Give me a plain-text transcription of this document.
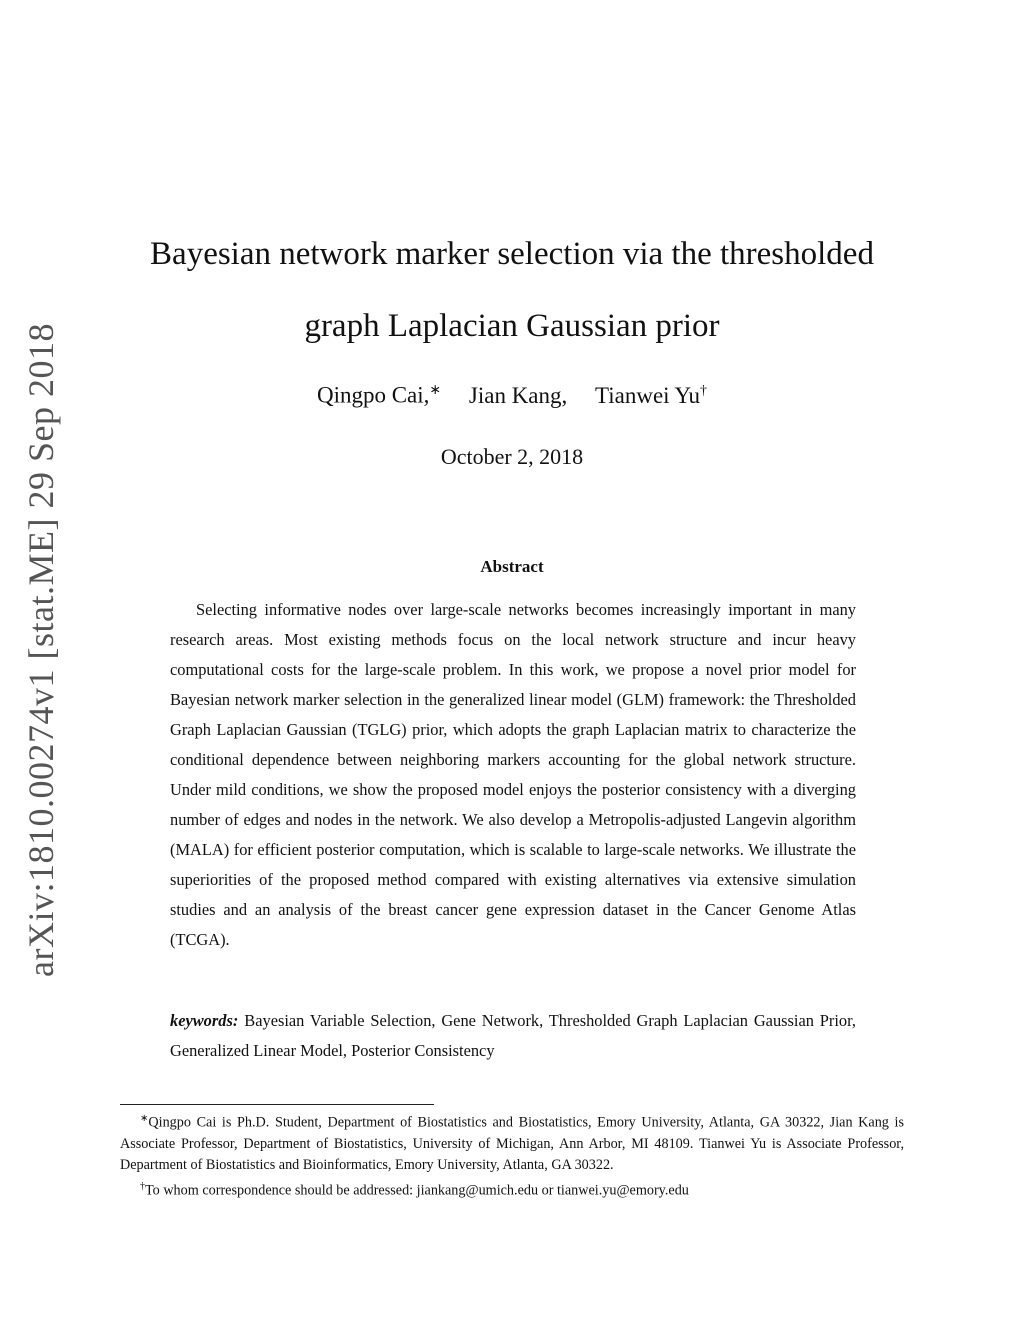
arXiv:1810.00274v1 [stat.ME] 29 Sep 2018
Bayesian network marker selection via the thresholded graph Laplacian Gaussian prior
Qingpo Cai,∗ Jian Kang, Tianwei Yu†
October 2, 2018
Abstract

Selecting informative nodes over large-scale networks becomes increasingly important in many research areas. Most existing methods focus on the local network structure and incur heavy computational costs for the large-scale problem. In this work, we propose a novel prior model for Bayesian network marker selection in the generalized linear model (GLM) framework: the Thresholded Graph Laplacian Gaussian (TGLG) prior, which adopts the graph Laplacian matrix to characterize the conditional dependence between neighboring markers accounting for the global network structure. Under mild conditions, we show the proposed model enjoys the posterior consistency with a diverging number of edges and nodes in the network. We also develop a Metropolis-adjusted Langevin algorithm (MALA) for efficient posterior computation, which is scalable to large-scale networks. We illustrate the superiorities of the proposed method compared with existing alternatives via extensive simulation studies and an analysis of the breast cancer gene expression dataset in the Cancer Genome Atlas (TCGA).

keywords: Bayesian Variable Selection, Gene Network, Thresholded Graph Laplacian Gaussian Prior, Generalized Linear Model, Posterior Consistency

∗Qingpo Cai is Ph.D. Student, Department of Biostatistics and Biostatistics, Emory University, Atlanta, GA 30322, Jian Kang is Associate Professor, Department of Biostatistics, University of Michigan, Ann Arbor, MI 48109. Tianwei Yu is Associate Professor, Department of Biostatistics and Bioinformatics, Emory University, Atlanta, GA 30322.

†To whom correspondence should be addressed: jiankang@umich.edu or tianwei.yu@emory.edu
